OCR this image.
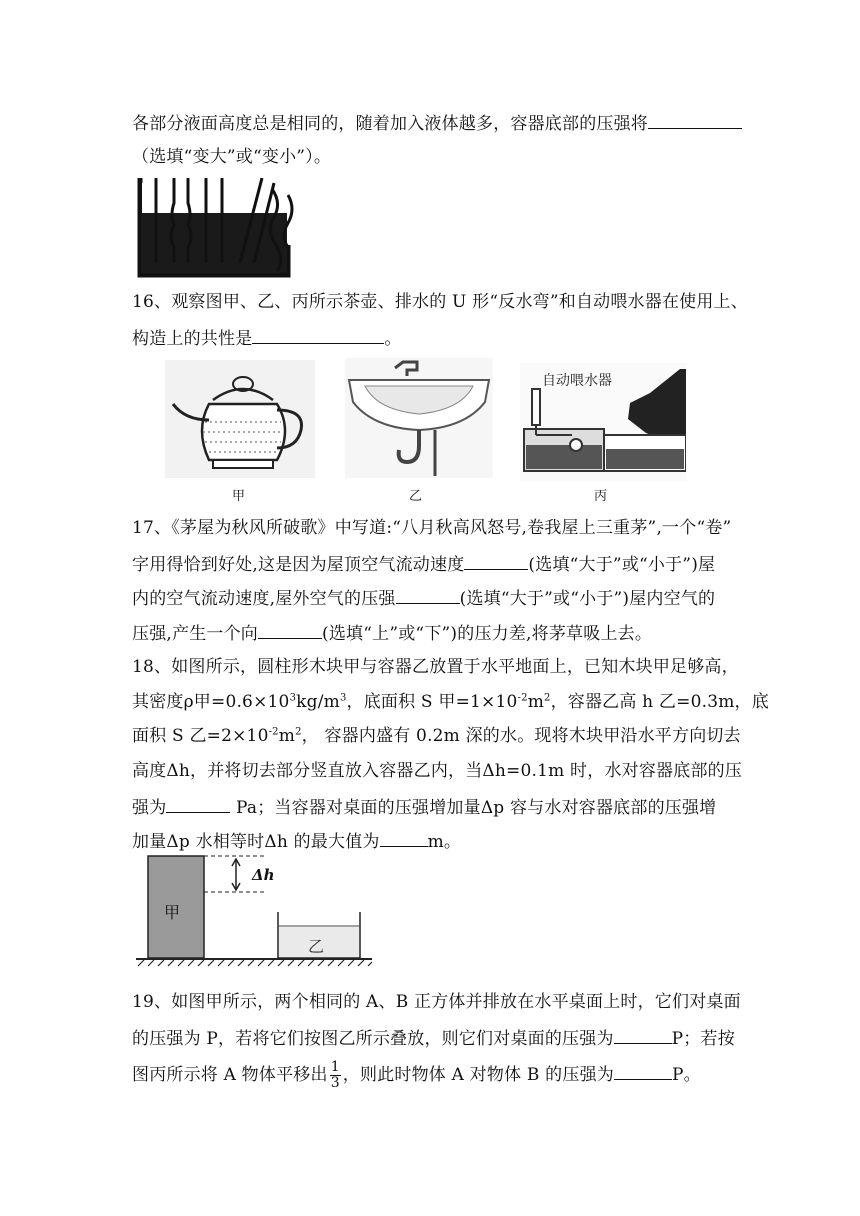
各部分液面高度总是相同的，随着加入液体越多，容器底部的压强将
（选填“变大”或“变小”）。
16、观察图甲、乙、丙所示茶壶、排水的 U 形“反水弯”和自动喂水器在使用上、
构造上的共性是	。
甲	乙
自动喂水器
丙
17、《茅屋为秋风所破歌》中写道:“八月秋高风怒号,卷我屋上三重茅”,一个“卷”
字用得恰到好处,这是因为屋顶空气流动速度	(选填“大于”或“小于”)屋
内的空气流动速度,屋外空气的压强	(选填“大于”或“小于”)屋内空气的
压强,产生一个向	(选填“上”或“下”)的压力差,将茅草吸上去。
18、如图所示，圆柱形木块甲与容器乙放置于水平地面上，已知木块甲足够高，
其密度ρ甲$=0.6\times 10^3kg/m^3$，底面积 S 甲$=1\times 10^{-2}m^2$，容器乙高 h 乙=0.3m，底
面积 S 乙$=2\times 10^{-2}m^2$， 容器内盛有 0.2m 深的水。现将木块甲沿水平方向切去
高度Δh，并将切去部分竖直放入容器乙内，当Δh=0.1m 时，水对容器底部的压
强为	Pa；当容器对桌面的压强增加量Δp 容与水对容器底部的压强增
加量Δp 水相等时Δh 的最大值为	m。
甲
Δh
乙
19、如图甲所示，两个相同的 A、B 正方体并排放在水平桌面上时，它们对桌面
的压强为 P，若将它们按图乙所示叠放，则它们对桌面的压强为	P；若按
图丙所示将 A 物体平移出 $\frac{1}{3}$ ，则此时物体 A 对物体 B 的压强为	P。
